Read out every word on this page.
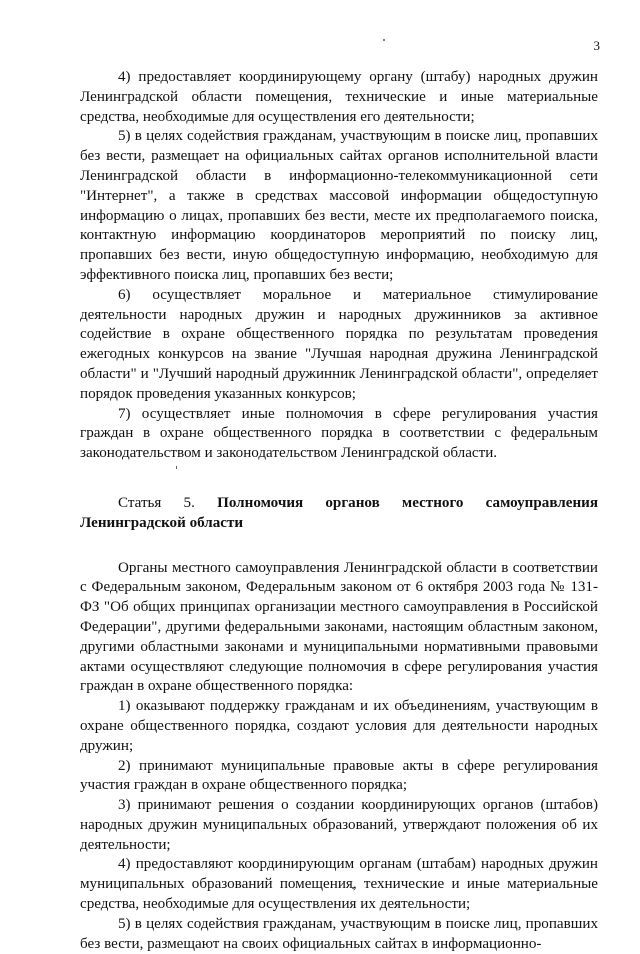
3

4) предоставляет координирующему органу (штабу) народных дружин Ленинградской области помещения, технические и иные материальные средства, необходимые для осуществления его деятельности;

5) в целях содействия гражданам, участвующим в поиске лиц, пропавших без вести, размещает на официальных сайтах органов исполнительной власти Ленинградской области в информационно-телекоммуникационной сети "Интернет", а также в средствах массовой информации общедоступную информацию о лицах, пропавших без вести, месте их предполагаемого поиска, контактную информацию координаторов мероприятий по поиску лиц, пропавших без вести, иную общедоступную информацию, необходимую для эффективного поиска лиц, пропавших без вести;

6) осуществляет моральное и материальное стимулирование деятельности народных дружин и народных дружинников за активное содействие в охране общественного порядка по результатам проведения ежегодных конкурсов на звание "Лучшая народная дружина Ленинградской области" и "Лучший народный дружинник Ленинградской области", определяет порядок проведения указанных конкурсов;

7) осуществляет иные полномочия в сфере регулирования участия граждан в охране общественного порядка в соответствии с федеральным законодательством и законодательством Ленинградской области.

Статья 5. Полномочия органов местного самоуправления Ленинградской области

Органы местного самоуправления Ленинградской области в соответствии с Федеральным законом, Федеральным законом от 6 октября 2003 года № 131-ФЗ "Об общих принципах организации местного самоуправления в Российской Федерации", другими федеральными законами, настоящим областным законом, другими областными законами и муниципальными нормативными правовыми актами осуществляют следующие полномочия в сфере регулирования участия граждан в охране общественного порядка:

1) оказывают поддержку гражданам и их объединениям, участвующим в охране общественного порядка, создают условия для деятельности народных дружин;

2) принимают муниципальные правовые акты в сфере регулирования участия граждан в охране общественного порядка;

3) принимают решения о создании координирующих органов (штабов) народных дружин муниципальных образований, утверждают положения об их деятельности;

4) предоставляют координирующим органам (штабам) народных дружин муниципальных образований помещения, технические и иные материальные средства, необходимые для осуществления их деятельности;

5) в целях содействия гражданам, участвующим в поиске лиц, пропавших без вести, размещают на своих официальных сайтах в информационно-
